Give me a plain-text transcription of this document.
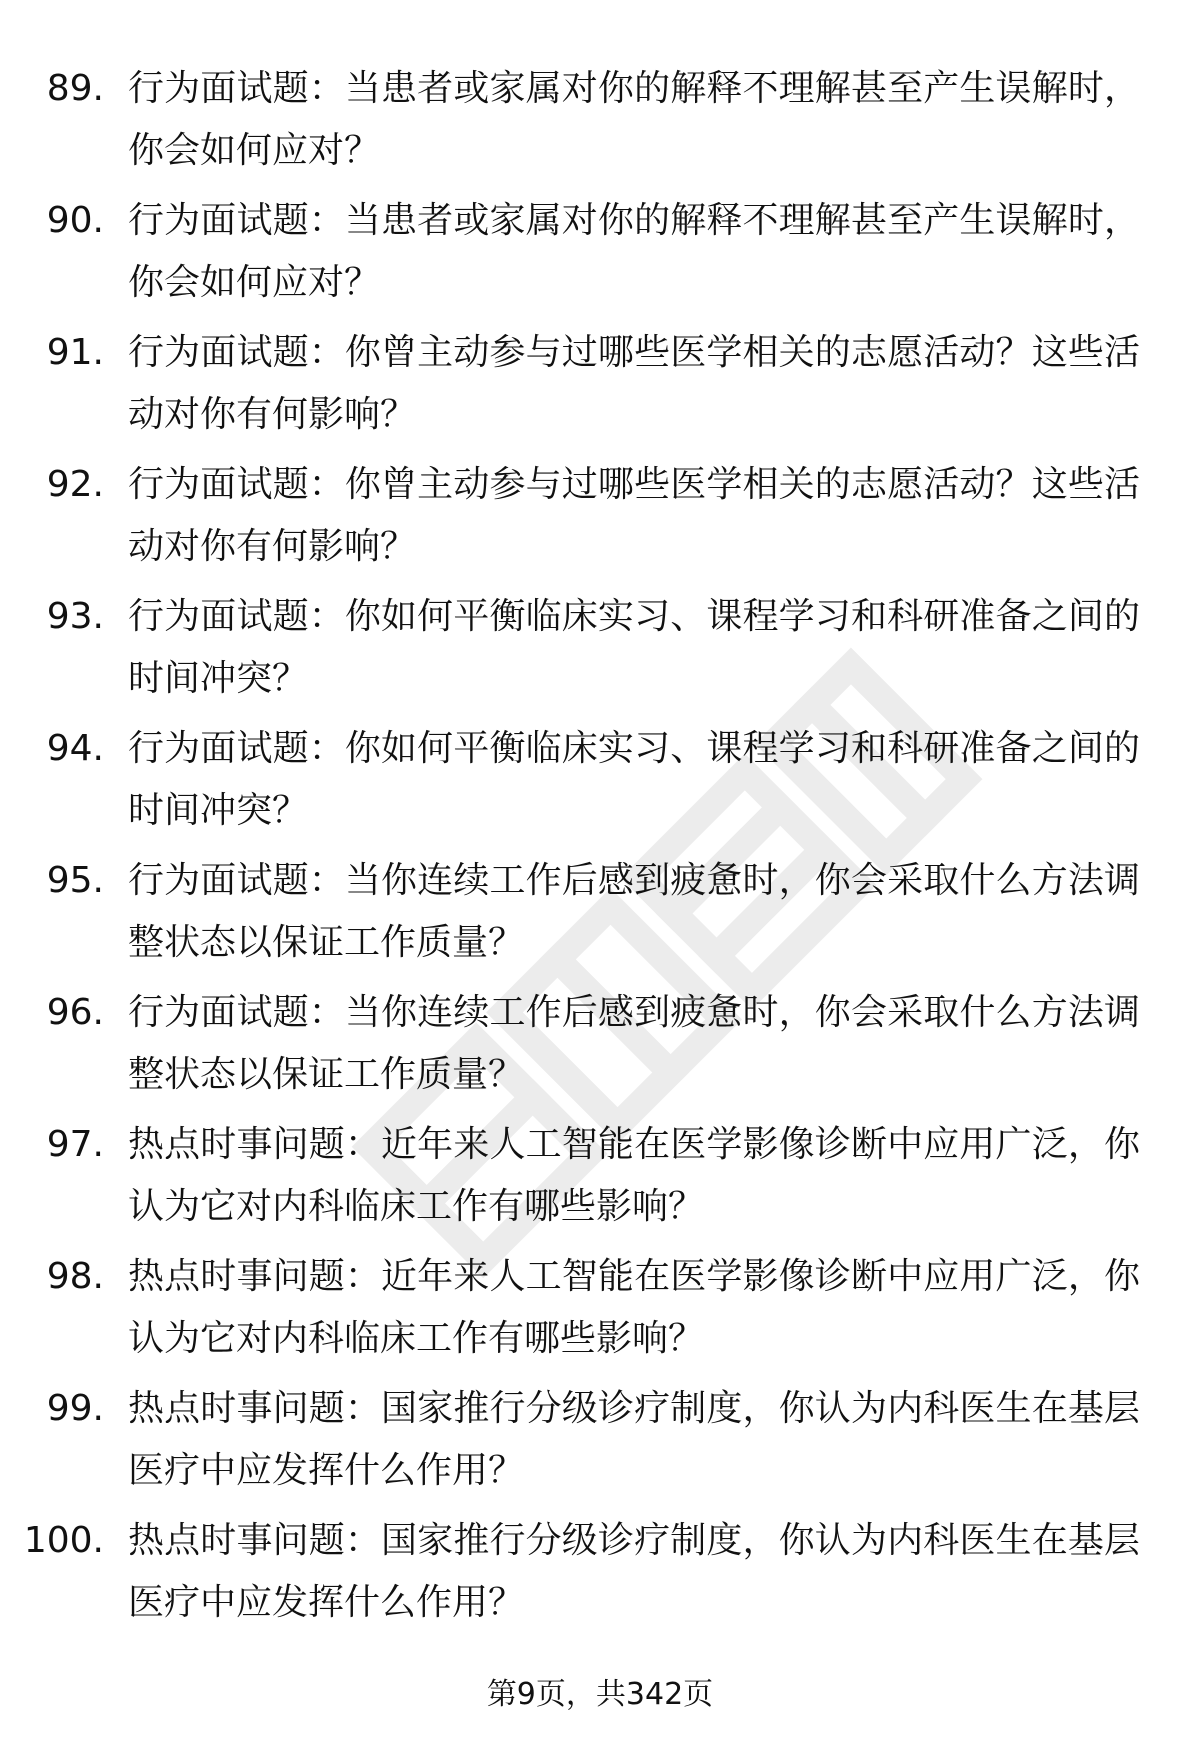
89. 行为面试题：当患者或家属对你的解释不理解甚至产生误解时，你会如何应对？
90. 行为面试题：当患者或家属对你的解释不理解甚至产生误解时，你会如何应对？
91. 行为面试题：你曾主动参与过哪些医学相关的志愿活动？这些活动对你有何影响？
92. 行为面试题：你曾主动参与过哪些医学相关的志愿活动？这些活动对你有何影响？
93. 行为面试题：你如何平衡临床实习、课程学习和科研准备之间的时间冲突？
94. 行为面试题：你如何平衡临床实习、课程学习和科研准备之间的时间冲突？
95. 行为面试题：当你连续工作后感到疲惫时，你会采取什么方法调整状态以保证工作质量？
96. 行为面试题：当你连续工作后感到疲惫时，你会采取什么方法调整状态以保证工作质量？
97. 热点时事问题：近年来人工智能在医学影像诊断中应用广泛，你认为它对内科临床工作有哪些影响？
98. 热点时事问题：近年来人工智能在医学影像诊断中应用广泛，你认为它对内科临床工作有哪些影响？
99. 热点时事问题：国家推行分级诊疗制度，你认为内科医生在基层医疗中应发挥什么作用？
100. 热点时事问题：国家推行分级诊疗制度，你认为内科医生在基层医疗中应发挥什么作用？
第9页，共342页
